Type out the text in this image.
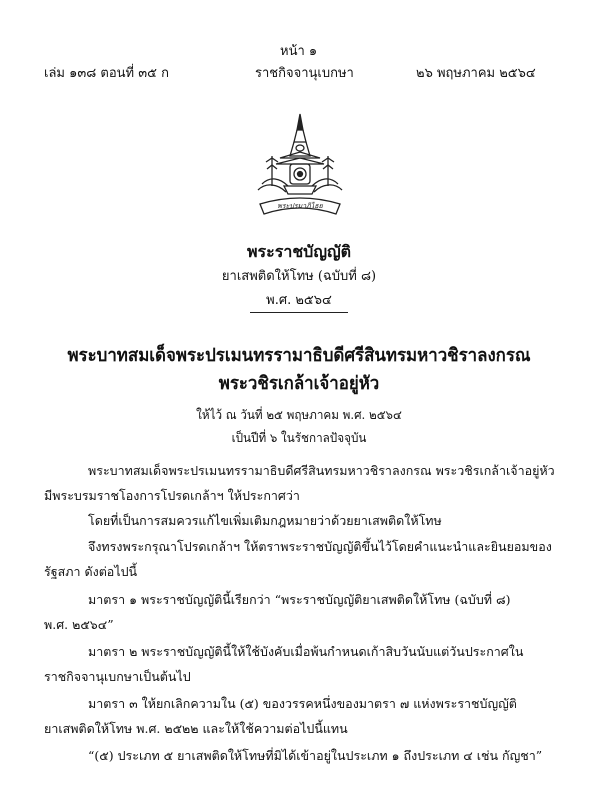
หน้า ๑
เล่ม ๑๓๘ ตอนที่ ๓๕ ก	ราชกิจจานุเบกษา	๒๖ พฤษภาคม ๒๕๖๔
พระปรมาภิไธย
พระราชบัญญัติ
ยาเสพติดให้โทษ (ฉบับที่ ๘)
พ.ศ. ๒๕๖๔
พระบาทสมเด็จพระปรเมนทรรามาธิบดีศรีสินทรมหาวชิราลงกรณ
พระวชิรเกล้าเจ้าอยู่หัว
ให้ไว้ ณ วันที่ ๒๕ พฤษภาคม พ.ศ. ๒๕๖๔
เป็นปีที่ ๖ ในรัชกาลปัจจุบัน
พระบาทสมเด็จพระปรเมนทรรามาธิบดีศรีสินทรมหาวชิราลงกรณ พระวชิรเกล้าเจ้าอยู่หัว
มีพระบรมราชโองการโปรดเกล้าฯ ให้ประกาศว่า
โดยที่เป็นการสมควรแก้ไขเพิ่มเติมกฎหมายว่าด้วยยาเสพติดให้โทษ
จึงทรงพระกรุณาโปรดเกล้าฯ ให้ตราพระราชบัญญัติขึ้นไว้โดยคำแนะนำและยินยอมของ
รัฐสภา ดังต่อไปนี้
มาตรา ๑ พระราชบัญญัตินี้เรียกว่า “พระราชบัญญัติยาเสพติดให้โทษ (ฉบับที่ ๘)
พ.ศ. ๒๕๖๔”
มาตรา ๒ พระราชบัญญัตินี้ให้ใช้บังคับเมื่อพ้นกำหนดเก้าสิบวันนับแต่วันประกาศใน
ราชกิจจานุเบกษาเป็นต้นไป
มาตรา ๓ ให้ยกเลิกความใน (๕) ของวรรคหนึ่งของมาตรา ๗ แห่งพระราชบัญญัติ
ยาเสพติดให้โทษ พ.ศ. ๒๕๒๒ และให้ใช้ความต่อไปนี้แทน
“(๕) ประเภท ๕ ยาเสพติดให้โทษที่มิได้เข้าอยู่ในประเภท ๑ ถึงประเภท ๔ เช่น กัญชา”
